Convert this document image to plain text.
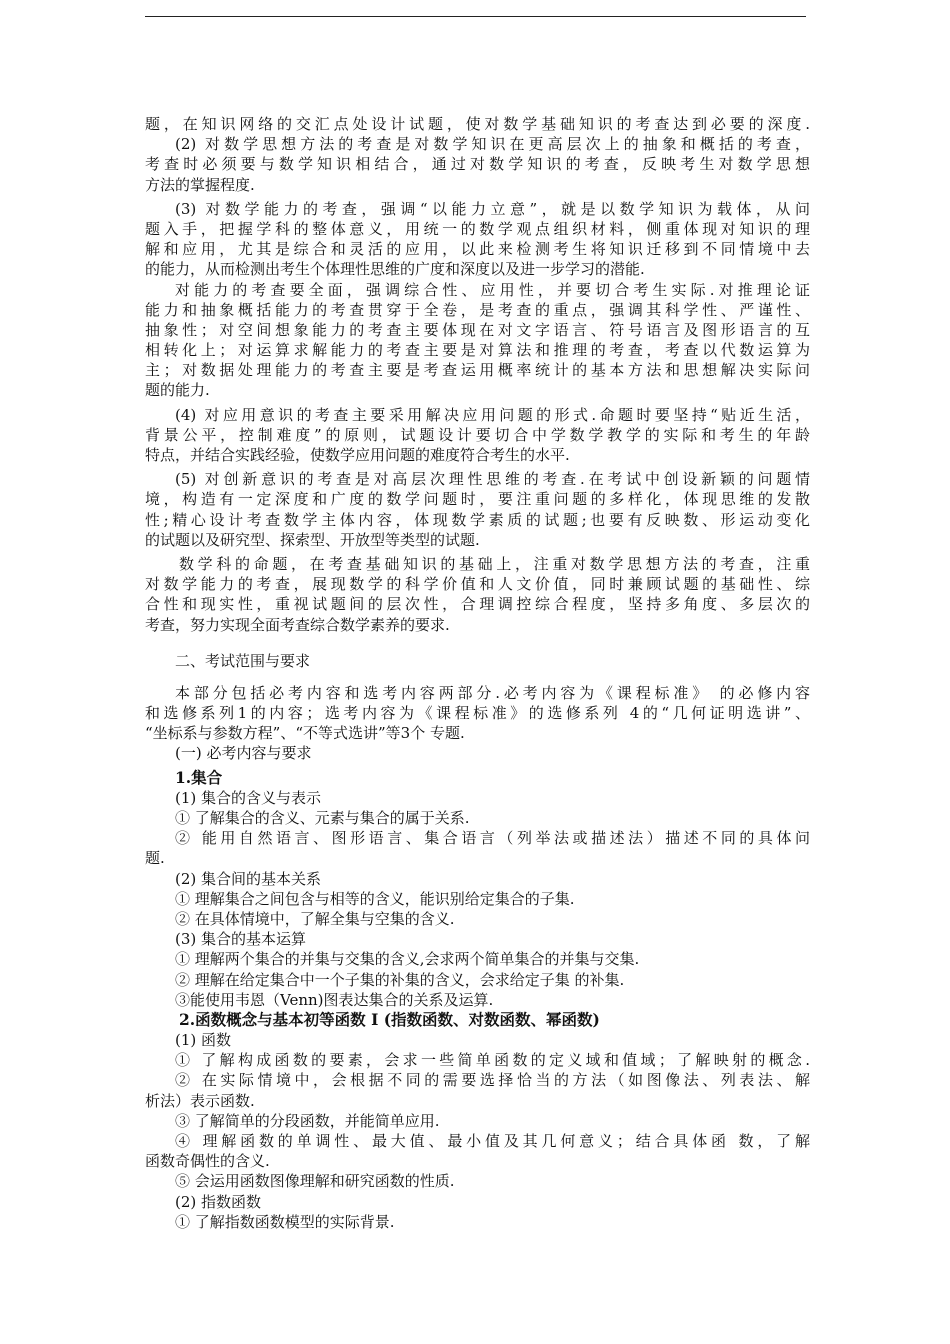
题，在知识网络的交汇点处设计试题，使对数学基础知识的考查达到必要的深度.
(2) 对数学思想方法的考查是对数学知识在更高层次上的抽象和概括的考查，
考查时必须要与数学知识相结合，通过对数学知识的考查，反映考生对数学思想
方法的掌握程度.
(3) 对数学能力的考查，强调“以能力立意”，就是以数学知识为载体，从问
题入手，把握学科的整体意义，用统一的数学观点组织材料，侧重体现对知识的理
解和应用，尤其是综合和灵活的应用，以此来检测考生将知识迁移到不同情境中去
的能力，从而检测出考生个体理性思维的广度和深度以及进一步学习的潜能.
对能力的考查要全面，强调综合性、应用性，并要切合考生实际.对推理论证
能力和抽象概括能力的考查贯穿于全卷，是考查的重点，强调其科学性、严谨性、
抽象性；对空间想象能力的考查主要体现在对文字语言、符号语言及图形语言的互
相转化上；对运算求解能力的考查主要是对算法和推理的考查，考查以代数运算为
主；对数据处理能力的考查主要是考查运用概率统计的基本方法和思想解决实际问
题的能力.
(4) 对应用意识的考查主要采用解决应用问题的形式.命题时要坚持“贴近生活，
背景公平，控制难度”的原则，试题设计要切合中学数学教学的实际和考生的年龄
特点，并结合实践经验，使数学应用问题的难度符合考生的水平.
(5) 对创新意识的考查是对高层次理性思维的考查.在考试中创设新颖的问题情
境，构造有一定深度和广度的数学问题时，要注重问题的多样化，体现思维的发散
性;精心设计考查数学主体内容，体现数学素质的试题;也要有反映数、形运动变化
的试题以及研究型、探索型、开放型等类型的试题.
数学科的命题，在考查基础知识的基础上，注重对数学思想方法的考查，注重
对数学能力的考查，展现数学的科学价值和人文价值，同时兼顾试题的基础性、综
合性和现实性，重视试题间的层次性，合理调控综合程度，坚持多角度、多层次的
考查，努力实现全面考查综合数学素养的要求.
二、考试范围与要求
本部分包括必考内容和选考内容两部分.必考内容为《课程标准》 的必修内容
和选修系列1的内容；选考内容为《课程标准》的选修系列 4的“几何证明选讲”、
“坐标系与参数方程”、“不等式选讲”等3个 专题.
(一) 必考内容与要求
1.集合
(1) 集合的含义与表示
① 了解集合的含义、元素与集合的属于关系.
② 能用自然语言、图形语言、集合语言（列举法或描述法）描述不同的具体问
题.
(2) 集合间的基本关系
① 理解集合之间包含与相等的含义，能识别给定集合的子集.
② 在具体情境中，了解全集与空集的含义.
(3) 集合的基本运算
① 理解两个集合的并集与交集的含义,会求两个简单集合的并集与交集.
② 理解在给定集合中一个子集的补集的含义，会求给定子集 的补集.
③能使用韦恩（Venn)图表达集合的关系及运算.
2.函数概念与基本初等函数 I (指数函数、对数函数、幂函数)
(1) 函数
① 了解构成函数的要素，会求一些简单函数的定义域和值域；了解映射的概念.
② 在实际情境中，会根据不同的需要选择恰当的方法（如图像法、列表法、解
析法）表示函数.
③ 了解简单的分段函数，并能简单应用.
④ 理解函数的单调性、最大值、最小值及其几何意义；结合具体函 数，了解
函数奇偶性的含义.
⑤ 会运用函数图像理解和研究函数的性质.
(2) 指数函数
① 了解指数函数模型的实际背景.
